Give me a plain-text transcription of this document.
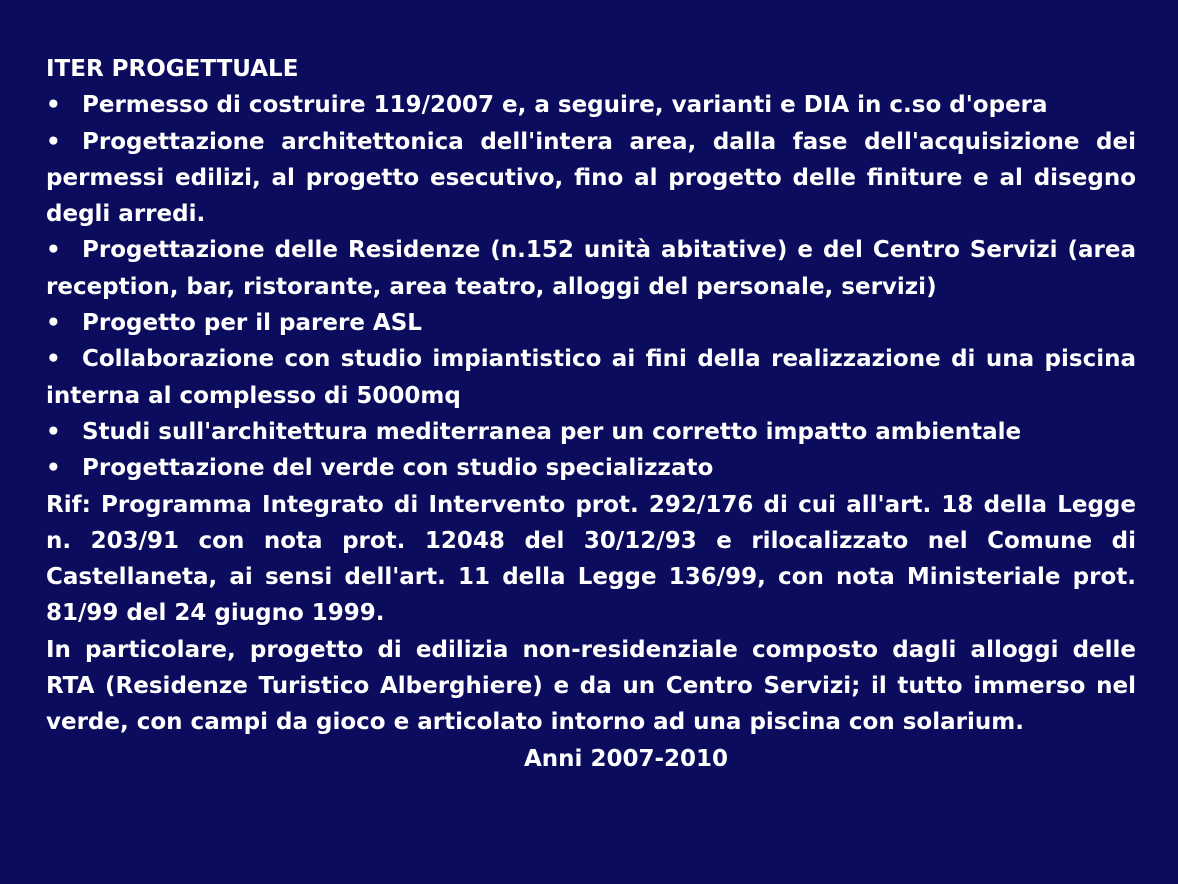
ITER PROGETTUALE

• Permesso di costruire 119/2007 e, a seguire, varianti e DIA in c.so d'opera
• Progettazione architettonica dell'intera area, dalla fase dell'acquisizione dei permessi edilizi, al progetto esecutivo, fino al progetto delle finiture e al disegno degli arredi.
• Progettazione delle Residenze (n.152 unità abitative) e del Centro Servizi (area reception, bar, ristorante, area teatro, alloggi del personale, servizi)
• Progetto per il parere ASL
• Collaborazione con studio impiantistico ai fini della realizzazione di una piscina interna al complesso di 5000mq
• Studi sull'architettura mediterranea per un corretto impatto ambientale
• Progettazione del verde con studio specializzato

Rif: Programma Integrato di Intervento prot. 292/176 di cui all'art. 18 della Legge n. 203/91 con nota prot. 12048 del 30/12/93 e rilocalizzato nel Comune di Castellaneta, ai sensi dell'art. 11 della Legge 136/99, con nota Ministeriale prot. 81/99 del 24 giugno 1999.

In particolare, progetto di edilizia non-residenziale composto dagli alloggi delle RTA (Residenze Turistico Alberghiere) e da un Centro Servizi; il tutto immerso nel verde, con campi da gioco e articolato intorno ad una piscina con solarium.

Anni 2007-2010
